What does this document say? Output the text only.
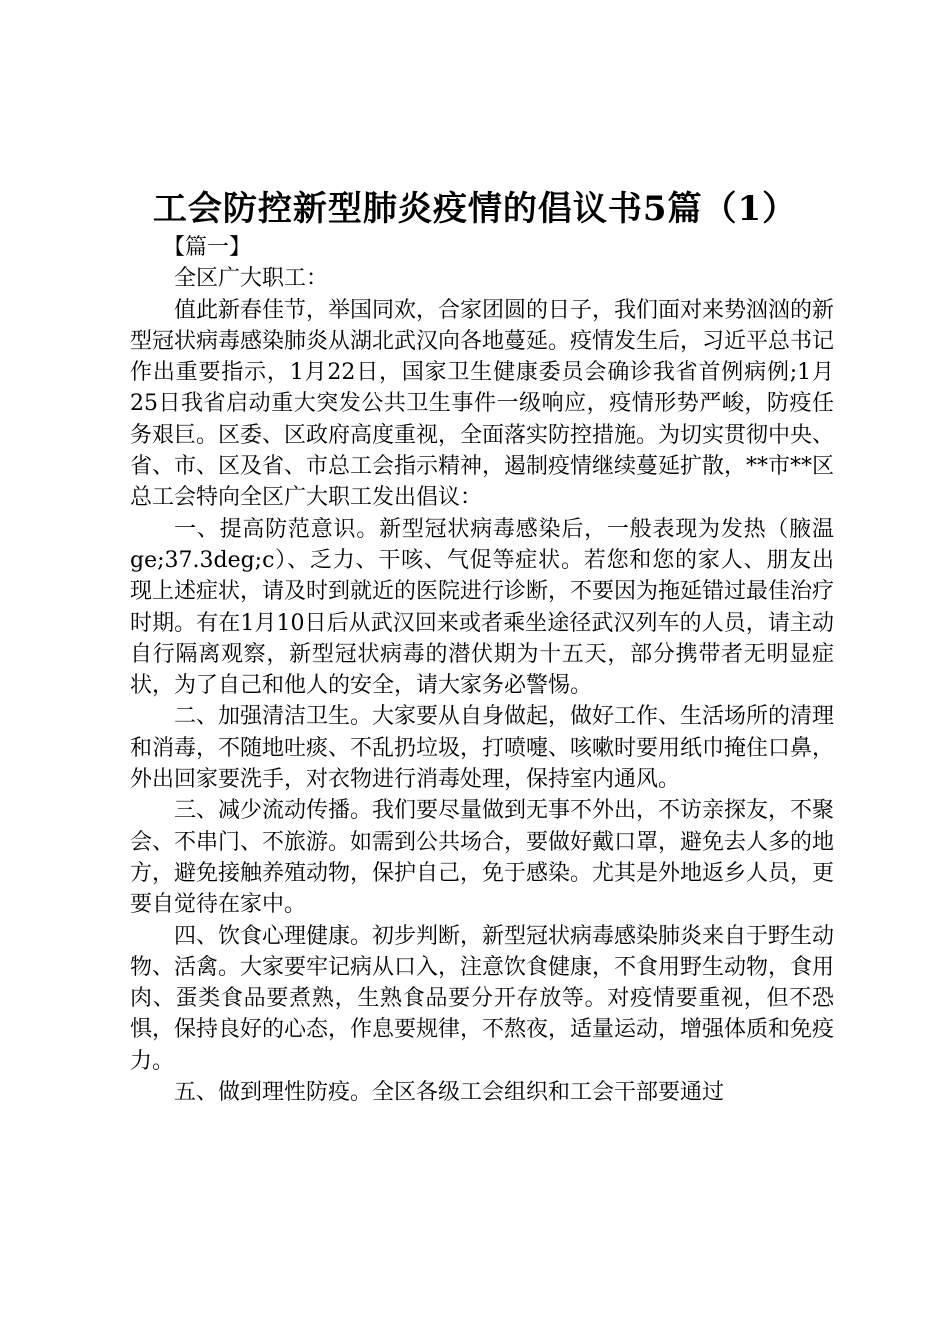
工会防控新型肺炎疫情的倡议书5篇（1）

【篇一】

全区广大职工：

值此新春佳节，举国同欢，合家团圆的日子，我们面对来势汹汹的新型冠状病毒感染肺炎从湖北武汉向各地蔓延。疫情发生后，习近平总书记作出重要指示，1月22日，国家卫生健康委员会确诊我省首例病例;1月25日我省启动重大突发公共卫生事件一级响应，疫情形势严峻，防疫任务艰巨。区委、区政府高度重视，全面落实防控措施。为切实贯彻中央、省、市、区及省、市总工会指示精神，遏制疫情继续蔓延扩散，**市**区总工会特向全区广大职工发出倡议：

一、提高防范意识。新型冠状病毒感染后，一般表现为发热（腋温ge;37.3deg;c）、乏力、干咳、气促等症状。若您和您的家人、朋友出现上述症状，请及时到就近的医院进行诊断，不要因为拖延错过最佳治疗时期。有在1月10日后从武汉回来或者乘坐途径武汉列车的人员，请主动自行隔离观察，新型冠状病毒的潜伏期为十五天，部分携带者无明显症状，为了自己和他人的安全，请大家务必警惕。

二、加强清洁卫生。大家要从自身做起，做好工作、生活场所的清理和消毒，不随地吐痰、不乱扔垃圾，打喷嚏、咳嗽时要用纸巾掩住口鼻，外出回家要洗手，对衣物进行消毒处理，保持室内通风。

三、减少流动传播。我们要尽量做到无事不外出，不访亲探友，不聚会、不串门、不旅游。如需到公共场合，要做好戴口罩，避免去人多的地方，避免接触养殖动物，保护自己，免于感染。尤其是外地返乡人员，更要自觉待在家中。

四、饮食心理健康。初步判断，新型冠状病毒感染肺炎来自于野生动物、活禽。大家要牢记病从口入，注意饮食健康，不食用野生动物，食用肉、蛋类食品要煮熟，生熟食品要分开存放等。对疫情要重视，但不恐惧，保持良好的心态，作息要规律，不熬夜，适量运动，增强体质和免疫力。

五、做到理性防疫。全区各级工会组织和工会干部要通过
